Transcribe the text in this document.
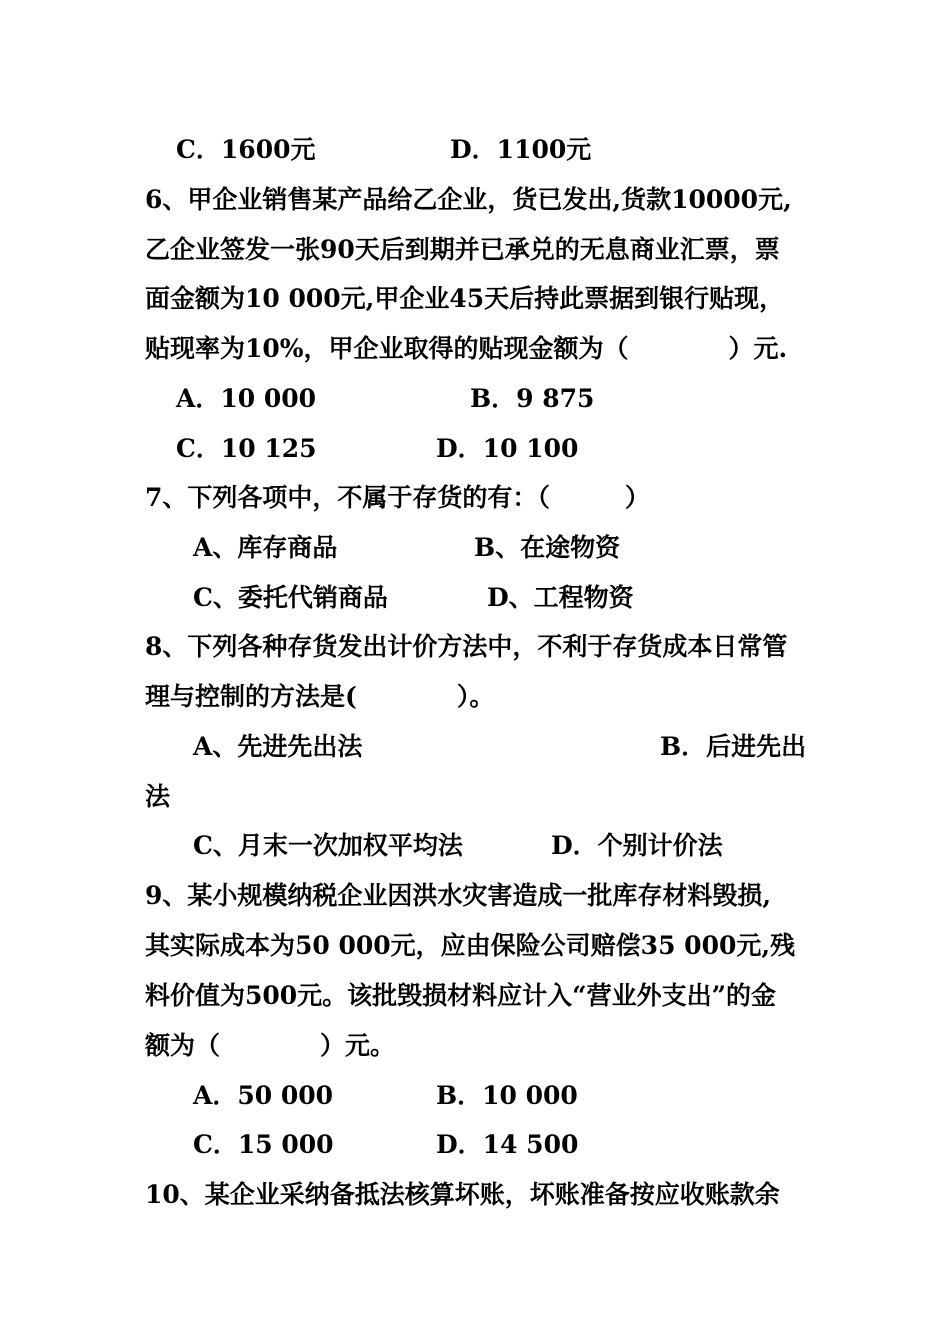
C．1600元	D．1100元
6、甲企业销售某产品给乙企业，货已发出,货款10000元,
乙企业签发一张90天后到期并已承兑的无息商业汇票，票
面金额为10 000元,甲企业45天后持此票据到银行贴现，
贴现率为10%，甲企业取得的贴现金额为（　　　　）元.
A．10 000	B．9 875
C．10 125	D．10 100
7、下列各项中，不属于存货的有：（　　　）
A、库存商品	B、在途物资
C、委托代销商品	D、工程物资
8、下列各种存货发出计价方法中，不利于存货成本日常管
理与控制的方法是(　　　　）。
A、先进先出法	B．后进先出
法
C、月末一次加权平均法	D．个别计价法
9、某小规模纳税企业因洪水灾害造成一批库存材料毁损,
其实际成本为50 000元，应由保险公司赔偿35 000元,残
料价值为500元。该批毁损材料应计入“营业外支出”的金
额为（　　　　）元。
A．50 000	B．10 000
C．15 000	D．14 500
10、某企业采纳备抵法核算坏账，坏账准备按应收账款余
